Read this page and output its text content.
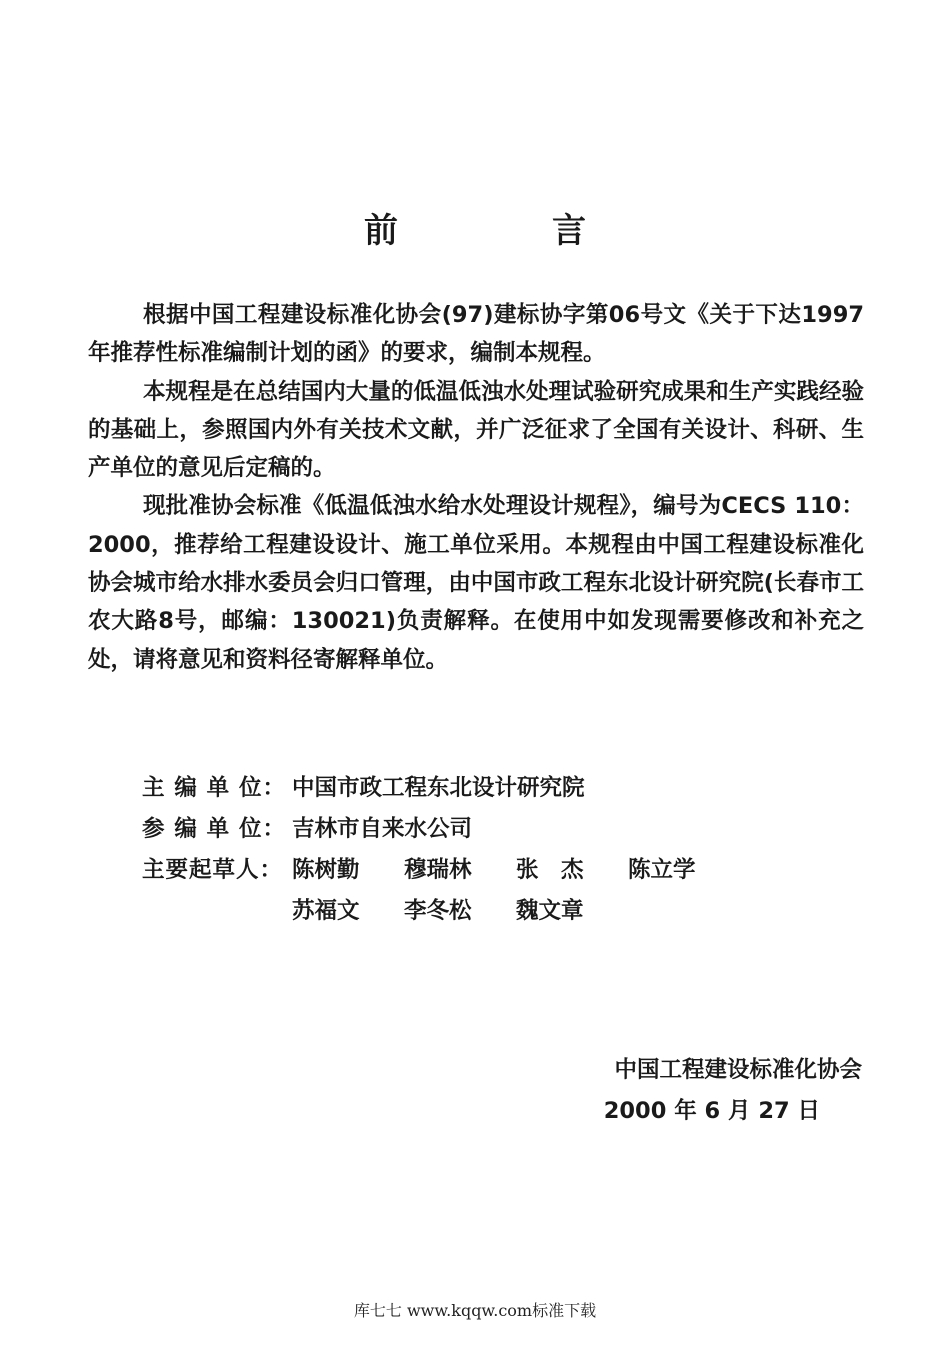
前　言

根据中国工程建设标准化协会(97)建标协字第06号文《关于下达1997年推荐性标准编制计划的函》的要求，编制本规程。

本规程是在总结国内大量的低温低浊水处理试验研究成果和生产实践经验的基础上，参照国内外有关技术文献，并广泛征求了全国有关设计、科研、生产单位的意见后定稿的。

现批准协会标准《低温低浊水给水处理设计规程》，编号为CECS 110：2000，推荐给工程建设设计、施工单位采用。本规程由中国工程建设标准化协会城市给水排水委员会归口管理，由中国市政工程东北设计研究院(长春市工农大路8号，邮编：130021)负责解释。在使用中如发现需要修改和补充之处，请将意见和资料径寄解释单位。

主 编 单 位： 中国市政工程东北设计研究院
参 编 单 位： 吉林市自来水公司
主要起草人： 陈树勤	穆瑞林	张　杰	陈立学
苏福文	李冬松	魏文章
中国工程建设标准化协会
2000 年 6 月 27 日
库七七 www.kqqw.com标准下载
